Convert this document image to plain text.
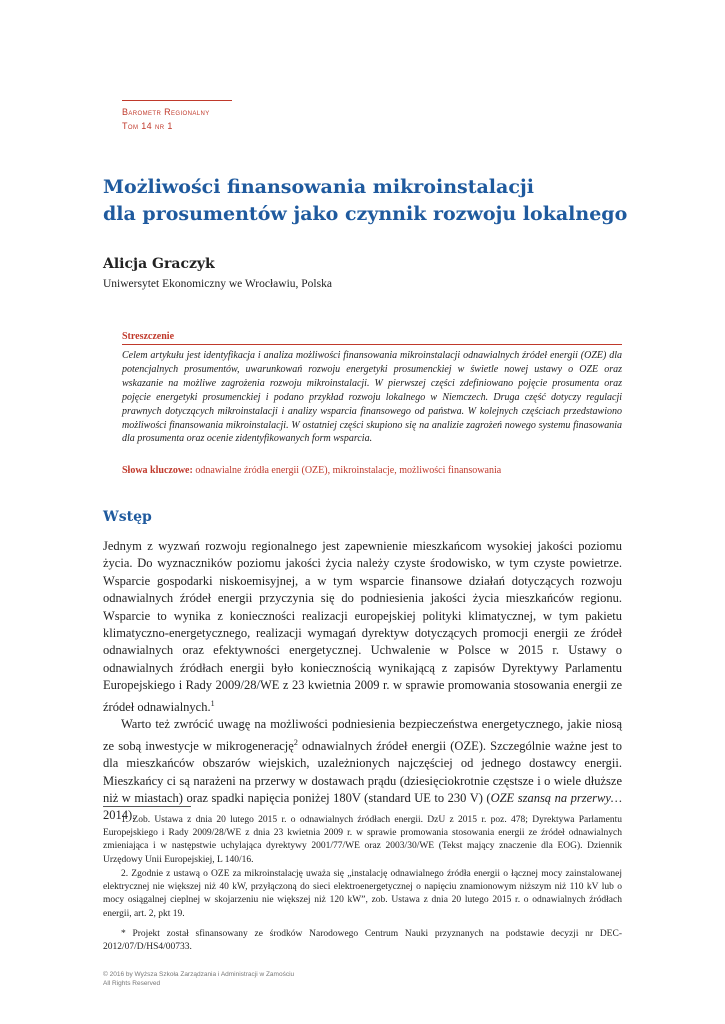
Barometr Regionalny
Tom 14 nr 1
Możliwości finansowania mikroinstalacji
dla prosumentów jako czynnik rozwoju lokalnego
Alicja Graczyk
Uniwersytet Ekonomiczny we Wrocławiu, Polska
Streszczenie
Celem artykułu jest identyfikacja i analiza możliwości finansowania mikroinstalacji odnawialnych źródeł energii (OZE) dla potencjalnych prosumentów, uwarunkowań rozwoju energetyki prosumenckiej w świetle nowej ustawy o OZE oraz wskazanie na możliwe zagrożenia rozwoju mikroinstalacji. W pierwszej części zdefiniowano pojęcie prosumenta oraz pojęcie energetyki prosumenckiej i podano przykład rozwoju lokalnego w Niemczech. Druga część dotyczy regulacji prawnych dotyczących mikroinstalacji i analizy wsparcia finansowego od państwa. W kolejnych częściach przedstawiono możliwości finansowania mikroinstalacji. W ostatniej części skupiono się na analizie zagrożeń nowego systemu finasowania dla prosumenta oraz ocenie zidentyfikowanych form wsparcia.
Słowa kluczowe: odnawialne źródła energii (OZE), mikroinstalacje, możliwości finansowania
Wstęp

Jednym z wyzwań rozwoju regionalnego jest zapewnienie mieszkańcom wysokiej jakości poziomu życia. Do wyznaczników poziomu jakości życia należy czyste środowisko, w tym czyste powietrze. Wsparcie gospodarki niskoemisyjnej, a w tym wsparcie finansowe działań dotyczących rozwoju odnawialnych źródeł energii przyczynia się do podniesienia jakości życia mieszkańców regionu. Wsparcie to wynika z konieczności realizacji europejskiej polityki klimatycznej, w tym pakietu klimatyczno-energetycznego, realizacji wymagań dyrektyw dotyczących promocji energii ze źródeł odnawialnych oraz efektywności energetycznej. Uchwalenie w Polsce w 2015 r. Ustawy o odnawialnych źródłach energii było koniecznością wynikającą z zapisów Dyrektywy Parlamentu Europejskiego i Rady 2009/28/WE z 23 kwietnia 2009 r. w sprawie promowania stosowania energii ze źródeł odnawialnych.$^1$

Warto też zwrócić uwagę na możliwości podniesienia bezpieczeństwa energetycznego, jakie niosą ze sobą inwestycje w mikrogenerację$^2$ odnawialnych źródeł energii (OZE). Szczególnie ważne jest to dla mieszkańców obszarów wiejskich, uzależnionych najczęściej od jednego dostawcy energii. Mieszkańcy ci są narażeni na przerwy w dostawach prądu (dziesięciokrotnie częstsze i o wiele dłuższe niż w miastach) oraz spadki napięcia poniżej 180V (standard UE to 230 V) (OZE szansą na przerwy… 2014).

1. Zob. Ustawa z dnia 20 lutego 2015 r. o odnawialnych źródłach energii. DzU z 2015 r. poz. 478; Dyrektywa Parlamentu Europejskiego i Rady 2009/28/WE z dnia 23 kwietnia 2009 r. w sprawie promowania stosowania energii ze źródeł odnawialnych zmieniająca i w następstwie uchylająca dyrektywy 2001/77/WE oraz 2003/30/WE (Tekst mający znaczenie dla EOG). Dziennik Urzędowy Unii Europejskiej, L 140/16.
2. Zgodnie z ustawą o OZE za mikroinstalację uważa się „instalację odnawialnego źródła energii o łącznej mocy zainstalowanej elektrycznej nie większej niż 40 kW, przyłączoną do sieci elektroenergetycznej o napięciu znamionowym niższym niż 110 kV lub o mocy osiągalnej cieplnej w skojarzeniu nie większej niż 120 kW”, zob. Ustawa z dnia 20 lutego 2015 r. o odnawialnych źródłach energii, art. 2, pkt 19.
* Projekt został sfinansowany ze środków Narodowego Centrum Nauki przyznanych na podstawie decyzji nr DEC-2012/07/D/HS4/00733.
© 2016 by Wyższa Szkoła Zarządzania i Administracji w Zamościu
All Rights Reserved
